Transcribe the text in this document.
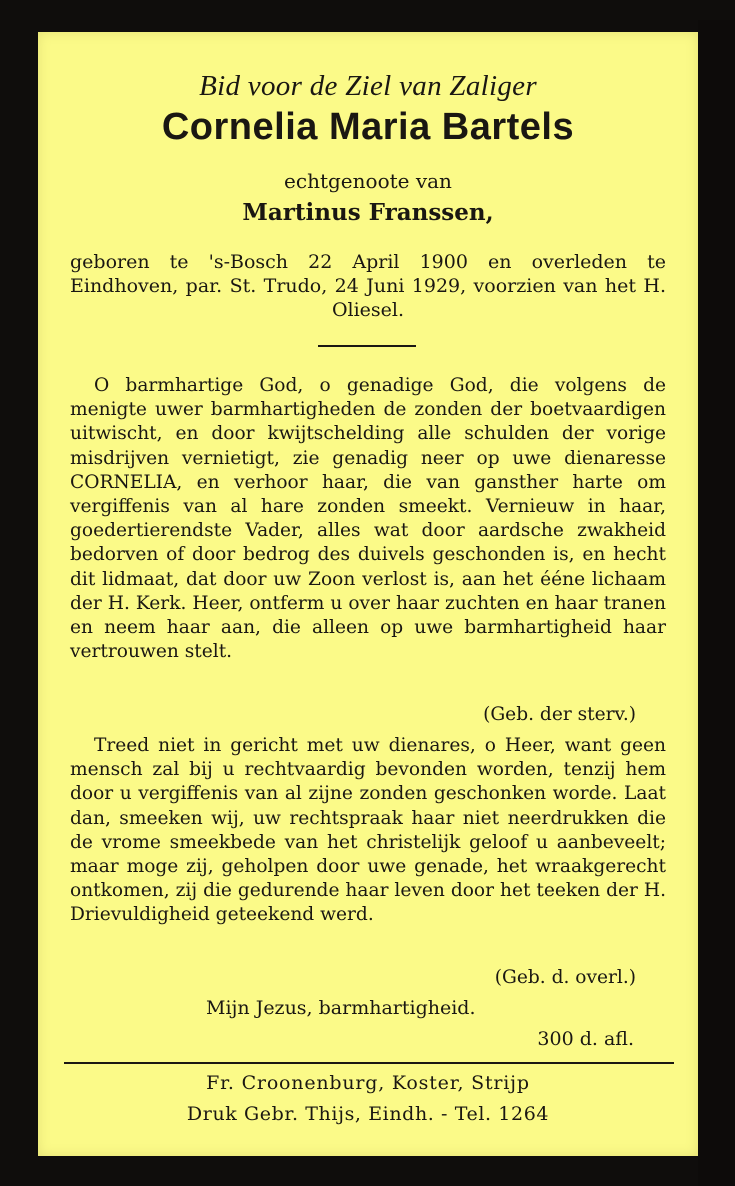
Bid voor de Ziel van Zaliger
Cornelia Maria Bartels
echtgenoote van
Martinus Franssen,
geboren te 's-Bosch 22 April 1900 en overleden te Eindhoven, par. St. Trudo, 24 Juni 1929, voorzien van het H. Oliesel.
O barmhartige God, o genadige God, die volgens de menigte uwer barmhartigheden de zonden der boetvaardigen uitwischt, en door kwijtschelding alle schulden der vorige misdrijven vernietigt, zie genadig neer op uwe dienaresse CORNELIA, en verhoor haar, die van gansther harte om vergiffenis van al hare zonden smeekt. Vernieuw in haar, goedertierendste Vader, alles wat door aardsche zwakheid bedorven of door bedrog des duivels geschonden is, en hecht dit lidmaat, dat door uw Zoon verlost is, aan het ééne lichaam der H. Kerk. Heer, ontferm u over haar zuchten en haar tranen en neem haar aan, die alleen op uwe barmhartigheid haar vertrouwen stelt.
(Geb. der sterv.)
Treed niet in gericht met uw dienares, o Heer, want geen mensch zal bij u rechtvaardig bevonden worden, tenzij hem door u vergiffenis van al zijne zonden geschonken worde. Laat dan, smeeken wij, uw rechtspraak haar niet neerdrukken die de vrome smeekbede van het christelijk geloof u aanbeveelt; maar moge zij, geholpen door uwe genade, het wraakgerecht ontkomen, zij die gedurende haar leven door het teeken der H. Drievuldigheid geteekend werd.
(Geb. d. overl.)
Mijn Jezus, barmhartigheid.
300 d. afl.
Fr. Croonenburg, Koster, Strijp
Druk Gebr. Thijs, Eindh. - Tel. 1264
